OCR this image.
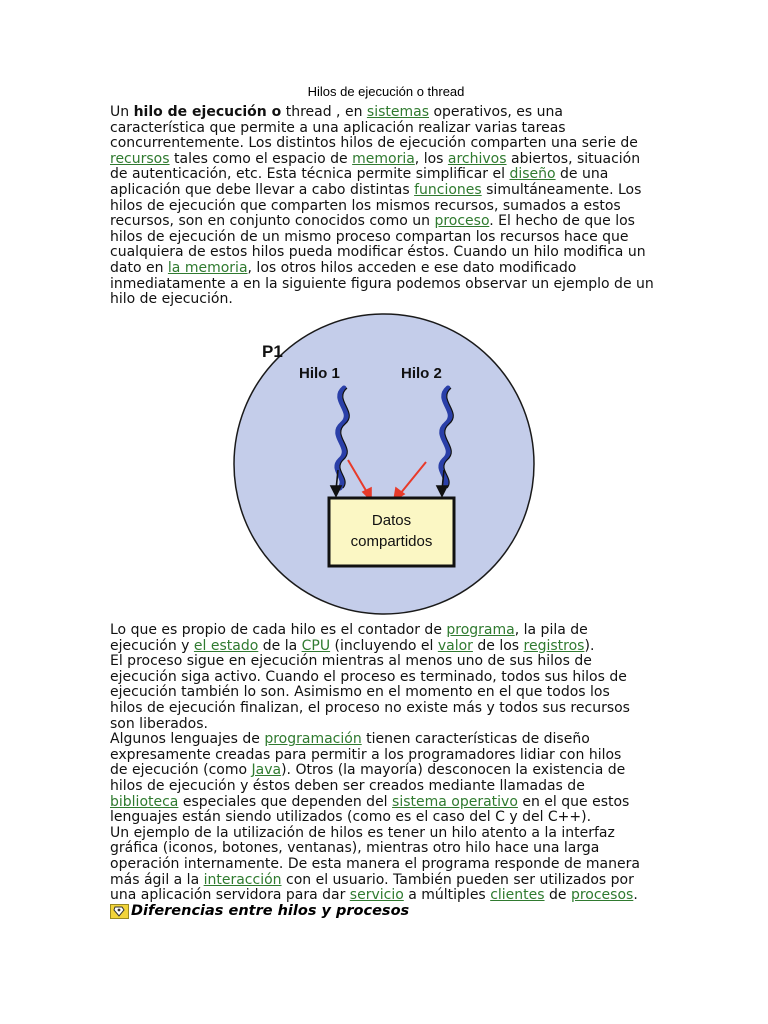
Hilos de ejecución o thread

Un hilo de ejecución o thread , en sistemas operativos, es una característica que permite a una aplicación realizar varias tareas concurrentemente. Los distintos hilos de ejecución comparten una serie de recursos tales como el espacio de memoria, los archivos abiertos, situación de autenticación, etc. Esta técnica permite simplificar el diseño de una aplicación que debe llevar a cabo distintas funciones simultáneamente. Los hilos de ejecución que comparten los mismos recursos, sumados a estos recursos, son en conjunto conocidos como un proceso. El hecho de que los hilos de ejecución de un mismo proceso compartan los recursos hace que cualquiera de estos hilos pueda modificar éstos. Cuando un hilo modifica un dato en la memoria, los otros hilos acceden e ese dato modificado inmediatamente a en la siguiente figura podemos observar un ejemplo de un hilo de ejecución.

P1
Hilo 1	Hilo 2
Datos
compartidos

Lo que es propio de cada hilo es el contador de programa, la pila de ejecución y el estado de la CPU (incluyendo el valor de los registros).
El proceso sigue en ejecución mientras al menos uno de sus hilos de ejecución siga activo. Cuando el proceso es terminado, todos sus hilos de ejecución también lo son. Asimismo en el momento en el que todos los hilos de ejecución finalizan, el proceso no existe más y todos sus recursos son liberados.
Algunos lenguajes de programación tienen características de diseño expresamente creadas para permitir a los programadores lidiar con hilos de ejecución (como Java). Otros (la mayoría) desconocen la existencia de hilos de ejecución y éstos deben ser creados mediante llamadas de biblioteca especiales que dependen del sistema operativo en el que estos lenguajes están siendo utilizados (como es el caso del C y del C++).
Un ejemplo de la utilización de hilos es tener un hilo atento a la interfaz gráfica (iconos, botones, ventanas), mientras otro hilo hace una larga operación internamente. De esta manera el programa responde de manera más ágil a la interacción con el usuario. También pueden ser utilizados por una aplicación servidora para dar servicio a múltiples clientes de procesos.

Diferencias entre hilos y procesos
